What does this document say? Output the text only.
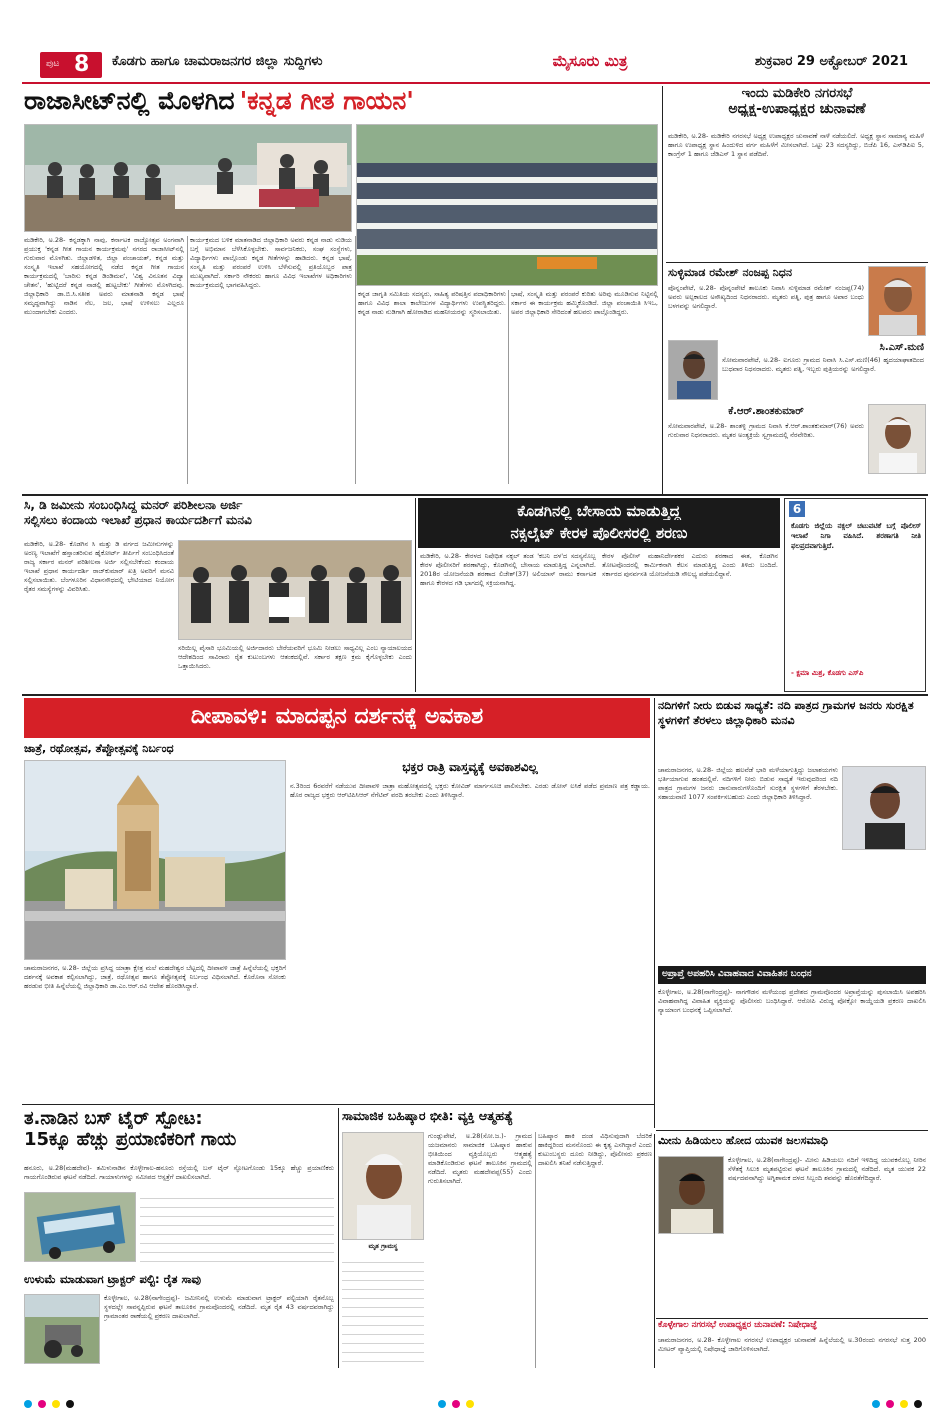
ಪುಟ 8 ಕೊಡಗು ಹಾಗೂ ಚಾಮರಾಜನಗರ ಜಿಲ್ಲಾ ಸುದ್ದಿಗಳು	ಮೈಸೂರು ಮಿತ್ರ	ಶುಕ್ರವಾರ 29 ಅಕ್ಟೋಬರ್ 2021
ರಾಜಾಸೀಟ್‌ನಲ್ಲಿ ಮೊಳಗಿದ 'ಕನ್ನಡ ಗೀತ ಗಾಯನ'
ಮಡಿಕೇರಿ, ಅ.28- ಕನ್ನಡಕ್ಕಾಗಿ ನಾವು, ಕರ್ನಾಟಕ ರಾಜ್ಯೋತ್ಸವ ಅಂಗವಾಗಿ ಪ್ರಯುಕ್ತ 'ಕನ್ನಡ ಗೀತ ಗಾಯನ ಕಾರ್ಯಕ್ರಮವು' ನಗರದ ರಾಜಾಸೀಟ್‌ನಲ್ಲಿ ಗುರುವಾರ ಮೊಳಗಿತು. ಜಿಲ್ಲಾಡಳಿತ, ಜಿಲ್ಲಾ ಪಂಚಾಯತ್, ಕನ್ನಡ ಮತ್ತು ಸಂಸ್ಕೃತಿ ಇಲಾಖೆ ಸಹಯೋಗದಲ್ಲಿ ನಡೆದ ಕನ್ನಡ ಗೀತ ಗಾಯನ ಕಾರ್ಯಕ್ರಮದಲ್ಲಿ 'ಬಾರಿಸು ಕನ್ನಡ ಡಿಂಡಿಮವ', 'ವಿಶ್ವ ವಿನೂತನ ವಿದ್ಯಾ ಚೇತನ', 'ಹುಟ್ಟಿದರೆ ಕನ್ನಡ ನಾಡಲ್ಲಿ ಹುಟ್ಟಬೇಕು' ಗೀತೆಗಳು ಮೊಳಗಿದವು. ಜಿಲ್ಲಾಧಿಕಾರಿ ಡಾ.ಬಿ.ಸಿ.ಸತೀಶ ಅವರು ಮಾತನಾಡಿ ಕನ್ನಡ ಭಾಷೆ ಸಮೃದ್ಧವಾಗಿದ್ದು ನಾಡಿನ ನೆಲ, ಜಲ, ಭಾಷೆ ಉಳಿಸಲು ಎಲ್ಲರೂ ಮುಂದಾಗಬೇಕು ಎಂದರು.
ಕಾರ್ಯಕ್ರಮದ ಬಳಿಕ ಮಾತನಾಡಿದ ಜಿಲ್ಲಾಧಿಕಾರಿ ಅವರು ಕನ್ನಡ ನಾಡು ನುಡಿಯ ಬಗ್ಗೆ ಅಭಿಮಾನ ಬೆಳೆಸಿಕೊಳ್ಳಬೇಕು. ಸಾರ್ವಜನಿಕರು, ಸಂಘ ಸಂಸ್ಥೆಗಳು, ವಿದ್ಯಾರ್ಥಿಗಳು ಪಾಲ್ಗೊಂಡು ಕನ್ನಡ ಗೀತೆಗಳನ್ನು ಹಾಡಿದರು. ಕನ್ನಡ ಭಾಷೆ, ಸಂಸ್ಕೃತಿ ಮತ್ತು ಪರಂಪರೆ ಉಳಿಸಿ ಬೆಳೆಸುವಲ್ಲಿ ಪ್ರತಿಯೊಬ್ಬರ ಪಾತ್ರ ಮುಖ್ಯವಾಗಿದೆ. ಸರ್ಕಾರಿ ನೌಕರರು ಹಾಗೂ ವಿವಿಧ ಇಲಾಖೆಗಳ ಅಧಿಕಾರಿಗಳು ಕಾರ್ಯಕ್ರಮದಲ್ಲಿ ಭಾಗವಹಿಸಿದ್ದರು.
ಕನ್ನಡ ಜಾಗೃತಿ ಸಮಿತಿಯ ಸದಸ್ಯರು, ಸಾಹಿತ್ಯ ಪರಿಷತ್ತಿನ ಪದಾಧಿಕಾರಿಗಳು ಹಾಗೂ ವಿವಿಧ ಶಾಲಾ ಕಾಲೇಜುಗಳ ವಿದ್ಯಾರ್ಥಿಗಳು ಉಪಸ್ಥಿತರಿದ್ದರು. ಕನ್ನಡ ನಾಡು ನುಡಿಗಾಗಿ ಹೋರಾಡಿದ ಮಹನೀಯರನ್ನು ಸ್ಮರಿಸಲಾಯಿತು.
ಭಾಷೆ, ಸಂಸ್ಕೃತಿ ಮತ್ತು ಪರಂಪರೆ ಕುರಿತು ಅರಿವು ಮೂಡಿಸುವ ನಿಟ್ಟಿನಲ್ಲಿ ಸರ್ಕಾರ ಈ ಕಾರ್ಯಕ್ರಮ ಹಮ್ಮಿಕೊಂಡಿದೆ. ಜಿಲ್ಲಾ ಪಂಚಾಯಿತಿ ಸಿಇಒ, ಅಪರ ಜಿಲ್ಲಾಧಿಕಾರಿ ಸೇರಿದಂತೆ ಹಲವರು ಪಾಲ್ಗೊಂಡಿದ್ದರು.
ಇಂದು ಮಡಿಕೇರಿ ನಗರಸಭೆ
ಅಧ್ಯಕ್ಷ-ಉಪಾಧ್ಯಕ್ಷರ ಚುನಾವಣೆ
ಮಡಿಕೇರಿ, ಅ.28- ಮಡಿಕೇರಿ ನಗರಸಭೆ ಅಧ್ಯಕ್ಷ ಉಪಾಧ್ಯಕ್ಷರ ಚುನಾವಣೆ ನಾಳೆ ನಡೆಯಲಿದೆ. ಅಧ್ಯಕ್ಷ ಸ್ಥಾನ ಸಾಮಾನ್ಯ ಮಹಿಳೆ ಹಾಗೂ ಉಪಾಧ್ಯಕ್ಷ ಸ್ಥಾನ ಹಿಂದುಳಿದ ವರ್ಗ ಮಹಿಳೆಗೆ ಮೀಸಲಾಗಿದೆ. ಒಟ್ಟು 23 ಸದಸ್ಯರಿದ್ದು, ಬಿಜೆಪಿ 16, ಎಸ್‌ಡಿಪಿಐ 5, ಕಾಂಗ್ರೆಸ್ 1 ಹಾಗೂ ಜೆಡಿಎಸ್ 1 ಸ್ಥಾನ ಪಡೆದಿವೆ.
ಸುಳ್ಳಿಮಾಡ ರಮೇಶ್ ನಂಜಪ್ಪ ನಿಧನ
ಪೊನ್ನಂಪೇಟೆ, ಅ.28- ಪೊನ್ನಂಪೇಟೆ ತಾಲೂಕು ನಿವಾಸಿ ಸುಳ್ಳಿಮಾಡ ರಮೇಶ್ ನಂಜಪ್ಪ(74) ಅವರು ಅಲ್ಪಕಾಲದ ಅಸೌಖ್ಯದಿಂದ ನಿಧನರಾದರು. ಮೃತರು ಪತ್ನಿ, ಪುತ್ರ ಹಾಗೂ ಅಪಾರ ಬಂಧು ಬಳಗವನ್ನು ಅಗಲಿದ್ದಾರೆ.
ಸಿ.ಎಸ್.ಮಣಿ
ಸೋಮವಾರಪೇಟೆ, ಅ.28- ಐಗೂರು ಗ್ರಾಮದ ನಿವಾಸಿ ಸಿ.ಎಸ್.ಮಣಿ(46) ಹೃದಯಾಘಾತದಿಂದ ಬುಧವಾರ ನಿಧನರಾದರು. ಮೃತರು ಪತ್ನಿ, ಇಬ್ಬರು ಪುತ್ರಿಯರನ್ನು ಅಗಲಿದ್ದಾರೆ.
ಕೆ.ಆರ್.ಶಾಂತಕುಮಾರ್
ಸೋಮವಾರಪೇಟೆ, ಅ.28- ಶಾಂತಳ್ಳಿ ಗ್ರಾಮದ ನಿವಾಸಿ ಕೆ.ಆರ್.ಶಾಂತಕುಮಾರ್(76) ಅವರು ಗುರುವಾರ ನಿಧನರಾದರು. ಮೃತರ ಅಂತ್ಯಕ್ರಿಯೆ ಸ್ವಗ್ರಾಮದಲ್ಲಿ ನೆರವೇರಿತು.
ಸಿ, ಡಿ ಜಮೀನು ಸಂಬಂಧಿಸಿದ್ದ ಮನರ್ ಪರಿಶೀಲನಾ ಅರ್ಜಿ
ಸಲ್ಲಿಸಲು ಕಂದಾಯ ಇಲಾಖೆ ಪ್ರಧಾನ ಕಾರ್ಯದರ್ಶಿಗೆ ಮನವಿ
ಮಡಿಕೇರಿ, ಅ.28- ಕೊಡಗಿನ ಸಿ ಮತ್ತು ಡಿ ವರ್ಗದ ಜಮೀನುಗಳನ್ನು ಅರಣ್ಯ ಇಲಾಖೆಗೆ ಹಸ್ತಾಂತರಿಸುವ ಹೈಕೋರ್ಟ್ ತೀರ್ಪಿಗೆ ಸಂಬಂಧಿಸಿದಂತೆ ರಾಜ್ಯ ಸರ್ಕಾರ ಮನರ್ ಪರಿಶೀಲನಾ ಅರ್ಜಿ ಸಲ್ಲಿಸಬೇಕೆಂದು ಕಂದಾಯ ಇಲಾಖೆ ಪ್ರಧಾನ ಕಾರ್ಯದರ್ಶಿ ರಾಜ್‌ಕುಮಾರ್ ಖತ್ರಿ ಅವರಿಗೆ ಮನವಿ ಸಲ್ಲಿಸಲಾಯಿತು. ಬೆಂಗಳೂರಿನ ವಿಧಾನಸೌಧದಲ್ಲಿ ಭೇಟಿಯಾದ ನಿಯೋಗ ರೈತರ ಸಮಸ್ಯೆಗಳನ್ನು ವಿವರಿಸಿತು.
ಸರಿಯಿಲ್ಲ ಪೈಸಾರಿ ಭೂಮಿಯಲ್ಲಿ ಅರ್ಜಿದಾರರು ಬೇರೆಯವರಿಗೆ ಭೂಮಿ ನೀಡಲು ಸಾಧ್ಯವಿಲ್ಲ ಎಂಬ ನ್ಯಾಯಾಲಯದ ಆದೇಶದಿಂದ ಸಾವಿರಾರು ರೈತ ಕುಟುಂಬಗಳು ಆತಂಕದಲ್ಲಿವೆ. ಸರ್ಕಾರ ತಕ್ಷಣ ಕ್ರಮ ಕೈಗೊಳ್ಳಬೇಕು ಎಂದು ಒತ್ತಾಯಿಸಿದರು.
ಕೊಡಗಿನಲ್ಲಿ ಬೇಸಾಯ ಮಾಡುತ್ತಿದ್ದ
ನಕ್ಸಲೈಟ್ ಕೇರಳ ಪೊಲೀಸರಲ್ಲಿ ಶರಣು
ಮಡಿಕೇರಿ, ಅ.28- ಕೇರಳದ ನಿಷೇಧಿತ ನಕ್ಸಲ್ ತಂಡ 'ಕಬನಿ ದಳ'ದ ಸದಸ್ಯನೊಬ್ಬ ಕೇರಳ ಪೊಲೀಸರಿಗೆ ಶರಣಾಗಿದ್ದು, ಕೊಡಗಿನಲ್ಲಿ ಬೇಸಾಯ ಮಾಡುತ್ತಿದ್ದ ಎನ್ನಲಾಗಿದೆ. 2018ರ ಯೋಜನೆಯಡಿ ಶರಣಾದ ಲಿಜೇಶ್(37) ಅಲಿಯಾಸ್ ರಾಮು ಕರ್ನಾಟಕ ಹಾಗೂ ಕೇರಳದ ಗಡಿ ಭಾಗದಲ್ಲಿ ಸಕ್ರಿಯನಾಗಿದ್ದ.
ಕೇರಳ ಪೊಲೀಸ್ ಮಹಾನಿರ್ದೇಶಕರ ಎದುರು ಶರಣಾದ ಈತ, ಕೊಡಗಿನ ತೋಟವೊಂದರಲ್ಲಿ ಕಾರ್ಮಿಕನಾಗಿ ಕೆಲಸ ಮಾಡುತ್ತಿದ್ದ ಎಂದು ತಿಳಿದು ಬಂದಿದೆ. ಸರ್ಕಾರದ ಪುನರ್ವಸತಿ ಯೋಜನೆಯಡಿ ಸೌಲಭ್ಯ ಪಡೆಯಲಿದ್ದಾನೆ.
6
ಕೊಡಗು ಜಿಲ್ಲೆಯ ನಕ್ಸಲ್ ಚಟುವಟಿಕೆ ಬಗ್ಗೆ ಪೊಲೀಸ್ ಇಲಾಖೆ ನಿಗಾ ವಹಿಸಿದೆ. ಶರಣಾಗತಿ ನೀತಿ ಫಲಪ್ರದವಾಗುತ್ತಿದೆ.
- ಕ್ಷಮಾ ಮಿಶ್ರ, ಕೊಡಗು ಎಸ್‌ಪಿ
ದೀಪಾವಳಿ: ಮಾದಪ್ಪನ ದರ್ಶನಕ್ಕೆ ಅವಕಾಶ
ಜಾತ್ರೆ, ರಥೋತ್ಸವ, ತೆಪ್ಪೋತ್ಸವಕ್ಕೆ ನಿರ್ಬಂಧ
ಚಾಮರಾಜನಗರ, ಅ.28- ಜಿಲ್ಲೆಯ ಪ್ರಸಿದ್ಧ ಯಾತ್ರಾ ಕ್ಷೇತ್ರ ಮಲೆ ಮಹದೇಶ್ವರ ಬೆಟ್ಟದಲ್ಲಿ ದೀಪಾವಳಿ ಜಾತ್ರೆ ಹಿನ್ನೆಲೆಯಲ್ಲಿ ಭಕ್ತರಿಗೆ ದರ್ಶನಕ್ಕೆ ಅವಕಾಶ ಕಲ್ಪಿಸಲಾಗಿದ್ದು, ಜಾತ್ರೆ, ರಥೋತ್ಸವ ಹಾಗೂ ತೆಪ್ಪೋತ್ಸವಕ್ಕೆ ನಿರ್ಬಂಧ ವಿಧಿಸಲಾಗಿದೆ. ಕೊರೊನಾ ಸೋಂಕು ಹರಡುವ ಭೀತಿ ಹಿನ್ನೆಲೆಯಲ್ಲಿ ಜಿಲ್ಲಾಧಿಕಾರಿ ಡಾ.ಎಂ.ಆರ್.ರವಿ ಆದೇಶ ಹೊರಡಿಸಿದ್ದಾರೆ.
ಭಕ್ತರ ರಾತ್ರಿ ವಾಸ್ತವ್ಯಕ್ಕೆ ಅವಕಾಶವಿಲ್ಲ
ನ.3ರಿಂದ 6ರವರೆಗೆ ನಡೆಯುವ ದೀಪಾವಳಿ ಜಾತ್ರಾ ಮಹೋತ್ಸವದಲ್ಲಿ ಭಕ್ತರು ಕೋವಿಡ್ ಮಾರ್ಗಸೂಚಿ ಪಾಲಿಸಬೇಕು. ಎರಡು ಡೋಸ್ ಲಸಿಕೆ ಪಡೆದ ಪ್ರಮಾಣ ಪತ್ರ ಕಡ್ಡಾಯ. ಹೊರ ರಾಜ್ಯದ ಭಕ್ತರು ಆರ್‌ಟಿಪಿಸಿಆರ್ ನೆಗೆಟಿವ್ ವರದಿ ತರಬೇಕು ಎಂದು ತಿಳಿಸಿದ್ದಾರೆ.
ನದಿಗಳಿಗೆ ನೀರು ಬಿಡುವ ಸಾಧ್ಯತೆ: ನದಿ ಪಾತ್ರದ ಗ್ರಾಮಗಳ ಜನರು ಸುರಕ್ಷಿತ ಸ್ಥಳಗಳಿಗೆ ತೆರಳಲು ಜಿಲ್ಲಾಧಿಕಾರಿ ಮನವಿ
ಚಾಮರಾಜನಗರ, ಅ.28- ಜಿಲ್ಲೆಯ ಹಲವೆಡೆ ಭಾರಿ ಮಳೆಯಾಗುತ್ತಿದ್ದು ಜಲಾಶಯಗಳು ಭರ್ತಿಯಾಗುವ ಹಂತದಲ್ಲಿವೆ. ನದಿಗಳಿಗೆ ನೀರು ಬಿಡುವ ಸಾಧ್ಯತೆ ಇರುವುದರಿಂದ ನದಿ ಪಾತ್ರದ ಗ್ರಾಮಗಳ ಜನರು ಜಾನುವಾರುಗಳೊಂದಿಗೆ ಸುರಕ್ಷಿತ ಸ್ಥಳಗಳಿಗೆ ತೆರಳಬೇಕು. ಸಹಾಯವಾಣಿ 1077 ಸಂಪರ್ಕಿಸಬಹುದು ಎಂದು ಜಿಲ್ಲಾಧಿಕಾರಿ ತಿಳಿಸಿದ್ದಾರೆ.
ಅಪ್ರಾಪ್ತೆ ಅಪಹರಿಸಿ ವಿವಾಹವಾದ ವಿವಾಹಿತನ ಬಂಧನ
ಕೊಳ್ಳೇಗಾಲ, ಅ.28(ನಾಗೇಂದ್ರಪ್ಪ)- ನಾಗಗೌಡನ ಮಳೆಯಂಥ ಪ್ರದೇಶದ ಗ್ರಾಮವೊಂದರ ಅಪ್ರಾಪ್ತೆಯನ್ನು ಪುಸಲಾಯಿಸಿ ಅಪಹರಿಸಿ ವಿವಾಹವಾಗಿದ್ದ ವಿವಾಹಿತ ವ್ಯಕ್ತಿಯನ್ನು ಪೊಲೀಸರು ಬಂಧಿಸಿದ್ದಾರೆ. ಆರೋಪಿ ವಿರುದ್ಧ ಪೋಕ್ಸೋ ಕಾಯ್ದೆಯಡಿ ಪ್ರಕರಣ ದಾಖಲಿಸಿ ನ್ಯಾಯಾಂಗ ಬಂಧನಕ್ಕೆ ಒಪ್ಪಿಸಲಾಗಿದೆ.
ತ.ನಾಡಿನ ಬಸ್ ಟೈರ್ ಸ್ಫೋಟ:
15ಕ್ಕೂ ಹೆಚ್ಚು ಪ್ರಯಾಣಿಕರಿಗೆ ಗಾಯ
ಹನೂರು, ಅ.28(ಮಹದೇವ)- ತಮಿಳುನಾಡಿನ ಕೊಳ್ಳೇಗಾಲ-ಹನೂರು ರಸ್ತೆಯಲ್ಲಿ ಬಸ್ ಟೈರ್ ಸ್ಫೋಟಗೊಂಡು 15ಕ್ಕೂ ಹೆಚ್ಚು ಪ್ರಯಾಣಿಕರು ಗಾಯಗೊಂಡಿರುವ ಘಟನೆ ನಡೆದಿದೆ. ಗಾಯಾಳುಗಳನ್ನು ಸಮೀಪದ ಆಸ್ಪತ್ರೆಗೆ ದಾಖಲಿಸಲಾಗಿದೆ.
ಉಳುಮೆ ಮಾಡುವಾಗ ಟ್ರಾಕ್ಟರ್ ಪಲ್ಟಿ: ರೈತ ಸಾವು
ಕೊಳ್ಳೇಗಾಲ, ಅ.28(ನಾಗೇಂದ್ರಪ್ಪ)- ಜಮೀನಿನಲ್ಲಿ ಉಳುಮೆ ಮಾಡುವಾಗ ಟ್ರಾಕ್ಟರ್ ಪಲ್ಟಿಯಾಗಿ ರೈತನೊಬ್ಬ ಸ್ಥಳದಲ್ಲೇ ಸಾವನ್ನಪ್ಪಿರುವ ಘಟನೆ ತಾಲೂಕಿನ ಗ್ರಾಮವೊಂದರಲ್ಲಿ ನಡೆದಿದೆ. ಮೃತ ರೈತ 43 ವರ್ಷದವರಾಗಿದ್ದು ಗ್ರಾಮಾಂತರ ಠಾಣೆಯಲ್ಲಿ ಪ್ರಕರಣ ದಾಖಲಾಗಿದೆ.
ಸಾಮಾಜಿಕ ಬಹಿಷ್ಕಾರ ಭೀತಿ: ವ್ಯಕ್ತಿ ಆತ್ಮಹತ್ಯೆ
ಮೃತ ಗ್ರಾಮಸ್ಥ
ಗುಂಡ್ಲುಪೇಟೆ, ಅ.28(ಸೋ.ಜ.)- ಗ್ರಾಮದ ಯಜಮಾನರು ಸಾಮಾಜಿಕ ಬಹಿಷ್ಕಾರ ಹಾಕುವ ಭೀತಿಯಿಂದ ವ್ಯಕ್ತಿಯೊಬ್ಬರು ಆತ್ಮಹತ್ಯೆ ಮಾಡಿಕೊಂಡಿರುವ ಘಟನೆ ತಾಲೂಕಿನ ಗ್ರಾಮದಲ್ಲಿ ನಡೆದಿದೆ. ಮೃತರು ಮಹದೇವಪ್ಪ(55) ಎಂದು ಗುರುತಿಸಲಾಗಿದೆ.
ಬಹಿಷ್ಕಾರ ಹಾಕಿ ದಂಡ ವಿಧಿಸುವುದಾಗಿ ಬೆದರಿಕೆ ಹಾಕಿದ್ದರಿಂದ ಮನನೊಂದು ಈ ಕೃತ್ಯ ಎಸಗಿದ್ದಾರೆ ಎಂದು ಕುಟುಂಬಸ್ಥರು ದೂರು ನೀಡಿದ್ದು, ಪೊಲೀಸರು ಪ್ರಕರಣ ದಾಖಲಿಸಿ ತನಿಖೆ ನಡೆಸುತ್ತಿದ್ದಾರೆ.
ಮೀನು ಹಿಡಿಯಲು ಹೋದ ಯುವಕ ಜಲಸಮಾಧಿ
ಕೊಳ್ಳೇಗಾಲ, ಅ.28(ನಾಗೇಂದ್ರಪ್ಪ)- ಮೀನು ಹಿಡಿಯಲು ನದಿಗೆ ಇಳಿದಿದ್ದ ಯುವಕನೊಬ್ಬ ನೀರಿನ ಸೆಳೆತಕ್ಕೆ ಸಿಲುಕಿ ಮೃತಪಟ್ಟಿರುವ ಘಟನೆ ತಾಲೂಕಿನ ಗ್ರಾಮದಲ್ಲಿ ನಡೆದಿದೆ. ಮೃತ ಯುವಕ 22 ವರ್ಷದವನಾಗಿದ್ದು ಅಗ್ನಿಶಾಮಕ ದಳದ ಸಿಬ್ಬಂದಿ ಶವವನ್ನು ಹೊರತೆಗೆದಿದ್ದಾರೆ.
ಕೊಳ್ಳೇಗಾಲ ನಗರಸಭೆ ಉಪಾಧ್ಯಕ್ಷರ ಚುನಾವಣೆ: ನಿಷೇಧಾಜ್ಞೆ
ಚಾಮರಾಜನಗರ, ಅ.28- ಕೊಳ್ಳೇಗಾಲ ನಗರಸಭೆ ಉಪಾಧ್ಯಕ್ಷರ ಚುನಾವಣೆ ಹಿನ್ನೆಲೆಯಲ್ಲಿ ಅ.30ರಂದು ನಗರಸಭೆ ಸುತ್ತ 200 ಮೀಟರ್ ವ್ಯಾಪ್ತಿಯಲ್ಲಿ ನಿಷೇಧಾಜ್ಞೆ ಜಾರಿಗೊಳಿಸಲಾಗಿದೆ.
